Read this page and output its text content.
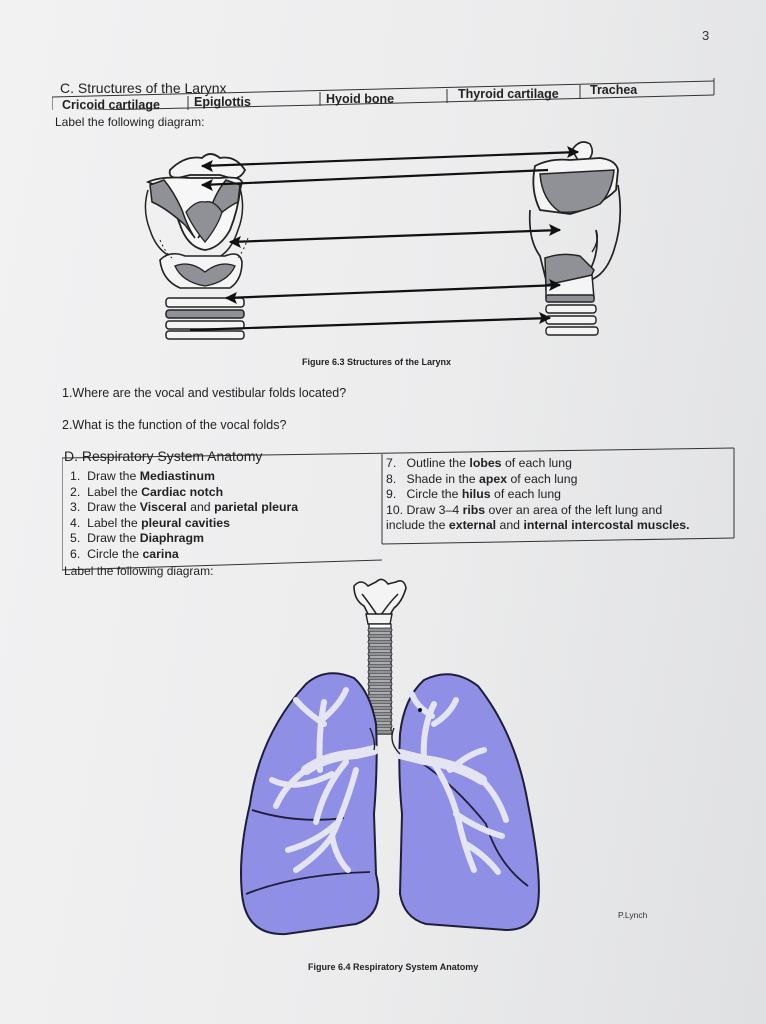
3
C. Structures of the Larynx
Cricoid cartilage	Epiglottis	Hyoid bone	Thyroid cartilage	Trachea
Label the following diagram:
Figure 6.3 Structures of the Larynx
1.Where are the vocal and vestibular folds located?
2.What is the function of the vocal folds?
D. Respiratory System Anatomy
1. Draw the Mediastinum
2. Label the Cardiac notch
3. Draw the Visceral and parietal pleura
4. Label the pleural cavities
5. Draw the Diaphragm
6. Circle the carina
7. Outline the lobes of each lung
8. Shade in the apex of each lung
9. Circle the hilus of each lung
10. Draw 3–4 ribs over an area of the left lung and
include the external and internal intercostal muscles.
Label the following diagram:
P.Lynch
Figure 6.4 Respiratory System Anatomy
